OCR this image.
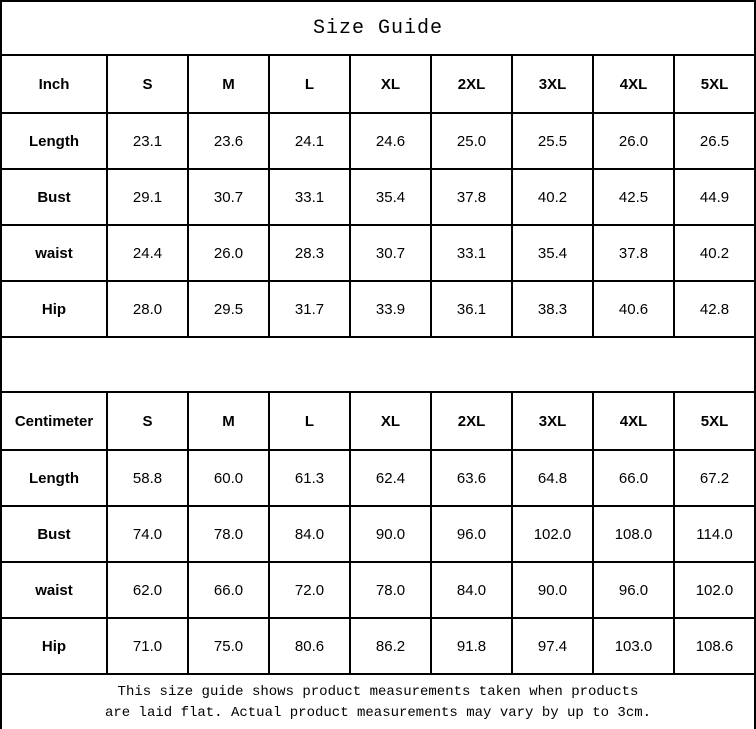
Size Guide								
Inch	S	M	L	XL	2XL	3XL	4XL	5XL
Length	23.1	23.6	24.1	24.6	25.0	25.5	26.0	26.5
Bust	29.1	30.7	33.1	35.4	37.8	40.2	42.5	44.9
waist	24.4	26.0	28.3	30.7	33.1	35.4	37.8	40.2
Hip	28.0	29.5	31.7	33.9	36.1	38.3	40.6	42.8

Centimeter	S	M	L	XL	2XL	3XL	4XL	5XL
Length	58.8	60.0	61.3	62.4	63.6	64.8	66.0	67.2
Bust	74.0	78.0	84.0	90.0	96.0	102.0	108.0	114.0
waist	62.0	66.0	72.0	78.0	84.0	90.0	96.0	102.0
Hip	71.0	75.0	80.6	86.2	91.8	97.4	103.0	108.6

This size guide shows product measurements taken when products
are laid flat. Actual product measurements may vary by up to 3cm.								
